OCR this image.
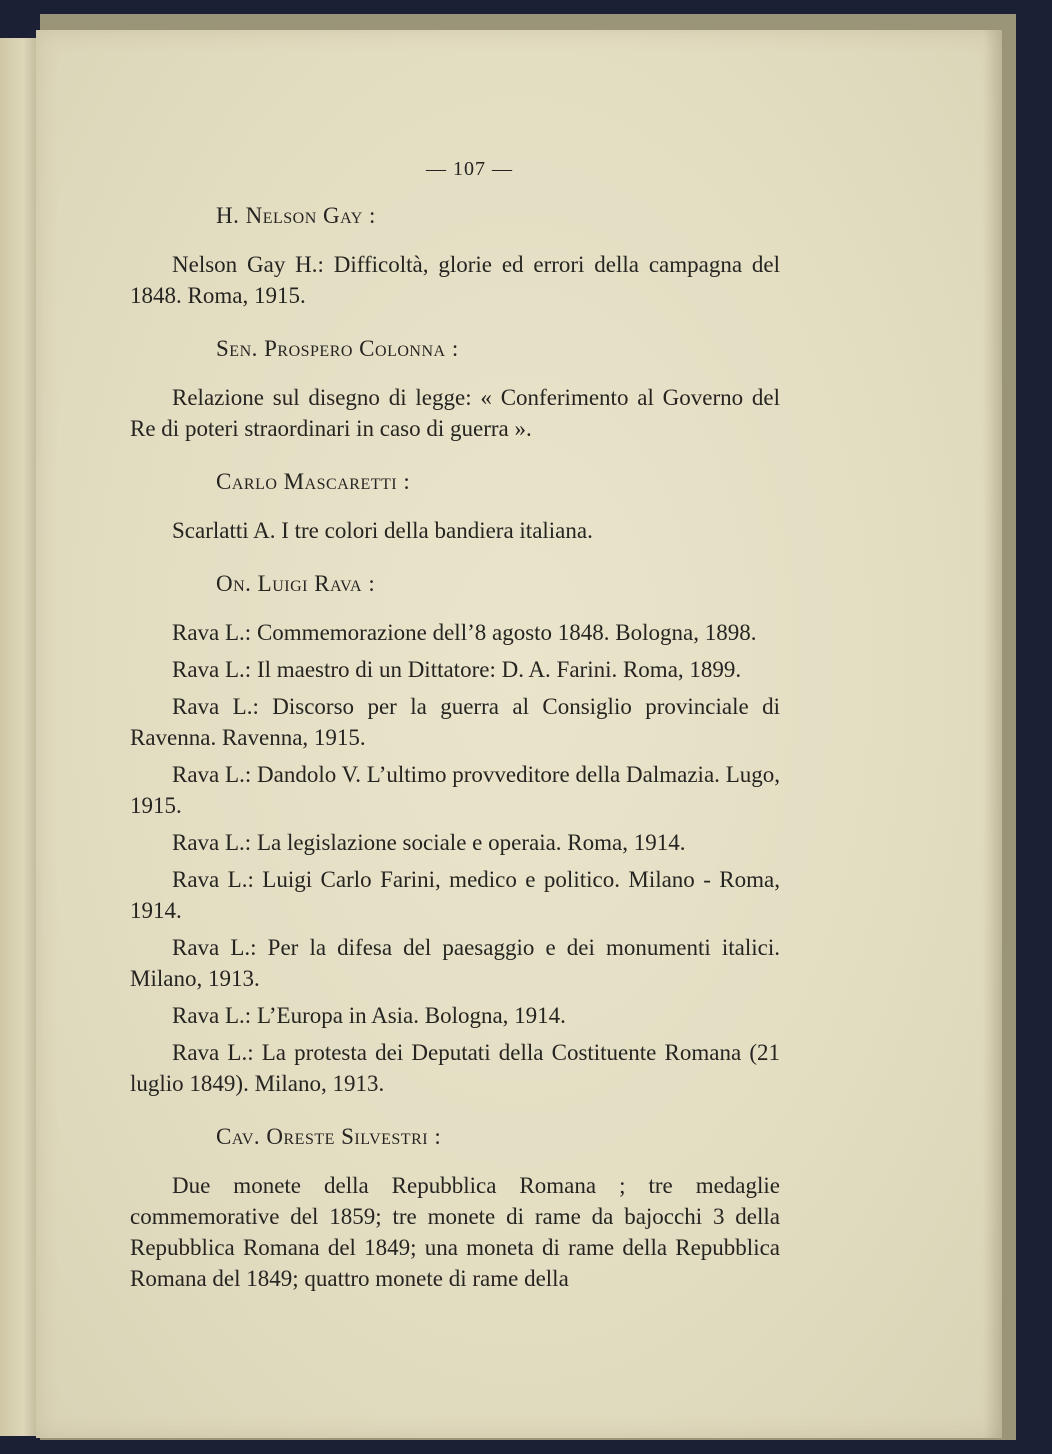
— 107 —

H. Nelson Gay :

Nelson Gay H.: Difficoltà, glorie ed errori della campagna del 1848. Roma, 1915.

Sen. Prospero Colonna :

Relazione sul disegno di legge: « Conferimento al Governo del Re di poteri straordinari in caso di guerra ».

Carlo Mascaretti :

Scarlatti A. I tre colori della bandiera italiana.

On. Luigi Rava :

Rava L.: Commemorazione dell’8 agosto 1848. Bologna, 1898.

Rava L.: Il maestro di un Dittatore: D. A. Farini. Roma, 1899.

Rava L.: Discorso per la guerra al Consiglio provinciale di Ravenna. Ravenna, 1915.

Rava L.: Dandolo V. L’ultimo provveditore della Dalmazia. Lugo, 1915.

Rava L.: La legislazione sociale e operaia. Roma, 1914.

Rava L.: Luigi Carlo Farini, medico e politico. Milano - Roma, 1914.

Rava L.: Per la difesa del paesaggio e dei monumenti italici. Milano, 1913.

Rava L.: L’Europa in Asia. Bologna, 1914.

Rava L.: La protesta dei Deputati della Costituente Romana (21 luglio 1849). Milano, 1913.

Cav. Oreste Silvestri :

Due monete della Repubblica Romana ; tre medaglie commemorative del 1859; tre monete di rame da bajocchi 3 della Repubblica Romana del 1849; una moneta di rame della Repubblica Romana del 1849; quattro monete di rame della
